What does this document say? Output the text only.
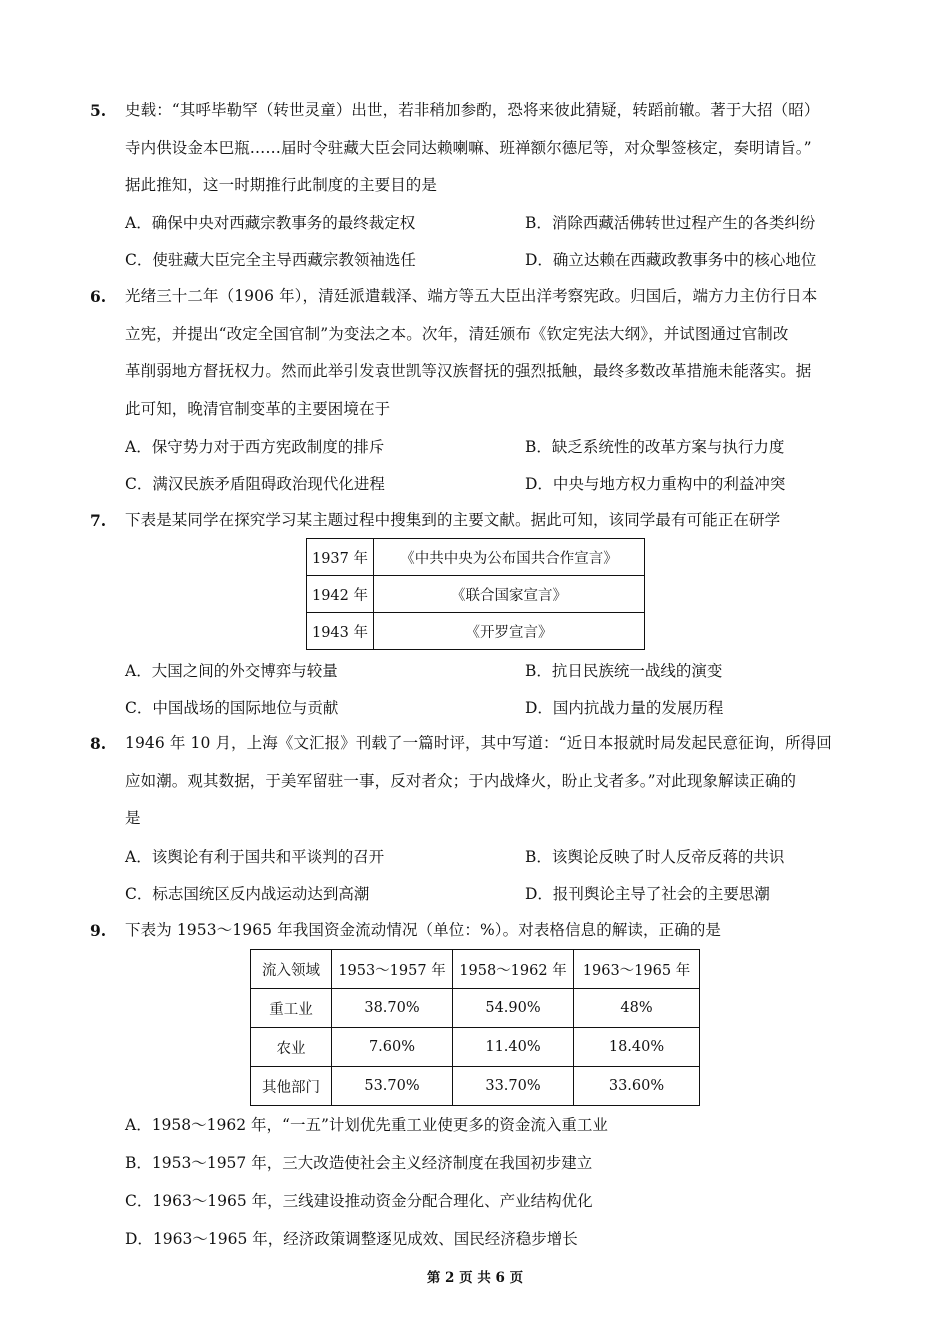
5. 史载：“其呼毕勒罕（转世灵童）出世，若非稍加参酌，恐将来彼此猜疑，转蹈前辙。著于大招（昭）
寺内供设金本巴瓶……届时令驻藏大臣会同达赖喇嘛、班禅额尔德尼等，对众掣签核定，奏明请旨。”
据此推知，这一时期推行此制度的主要目的是
A．确保中央对西藏宗教事务的最终裁定权	B．消除西藏活佛转世过程产生的各类纠纷
C．使驻藏大臣完全主导西藏宗教领袖选任	D．确立达赖在西藏政教事务中的核心地位
6. 光绪三十二年（1906 年），清廷派遣载泽、端方等五大臣出洋考察宪政。归国后，端方力主仿行日本
立宪，并提出“改定全国官制”为变法之本。次年，清廷颁布《钦定宪法大纲》，并试图通过官制改
革削弱地方督抚权力。然而此举引发袁世凯等汉族督抚的强烈抵触，最终多数改革措施未能落实。据
此可知，晚清官制变革的主要困境在于
A．保守势力对于西方宪政制度的排斥	B．缺乏系统性的改革方案与执行力度
C．满汉民族矛盾阻碍政治现代化进程	D．中央与地方权力重构中的利益冲突
7. 下表是某同学在探究学习某主题过程中搜集到的主要文献。据此可知，该同学最有可能正在研学
1937 年	《中共中央为公布国共合作宣言》
1942 年	《联合国家宣言》
1943 年	《开罗宣言》
A．大国之间的外交博弈与较量	B．抗日民族统一战线的演变
C．中国战场的国际地位与贡献	D．国内抗战力量的发展历程
8. 1946 年 10 月，上海《文汇报》刊载了一篇时评，其中写道：“近日本报就时局发起民意征询，所得回
应如潮。观其数据，于美军留驻一事，反对者众；于内战烽火，盼止戈者多。”对此现象解读正确的
是
A．该舆论有利于国共和平谈判的召开	B．该舆论反映了时人反帝反蒋的共识
C．标志国统区反内战运动达到高潮	D．报刊舆论主导了社会的主要思潮
9. 下表为 1953～1965 年我国资金流动情况（单位：%）。对表格信息的解读，正确的是
流入领域	1953～1957 年	1958～1962 年	1963～1965 年
重工业	38.70%	54.90%	48%
农业	7.60%	11.40%	18.40%
其他部门	53.70%	33.70%	33.60%
A．1958～1962 年，“一五”计划优先重工业使更多的资金流入重工业
B．1953～1957 年，三大改造使社会主义经济制度在我国初步建立
C．1963～1965 年，三线建设推动资金分配合理化、产业结构优化
D．1963～1965 年，经济政策调整逐见成效、国民经济稳步增长
第 2 页 共 6 页
